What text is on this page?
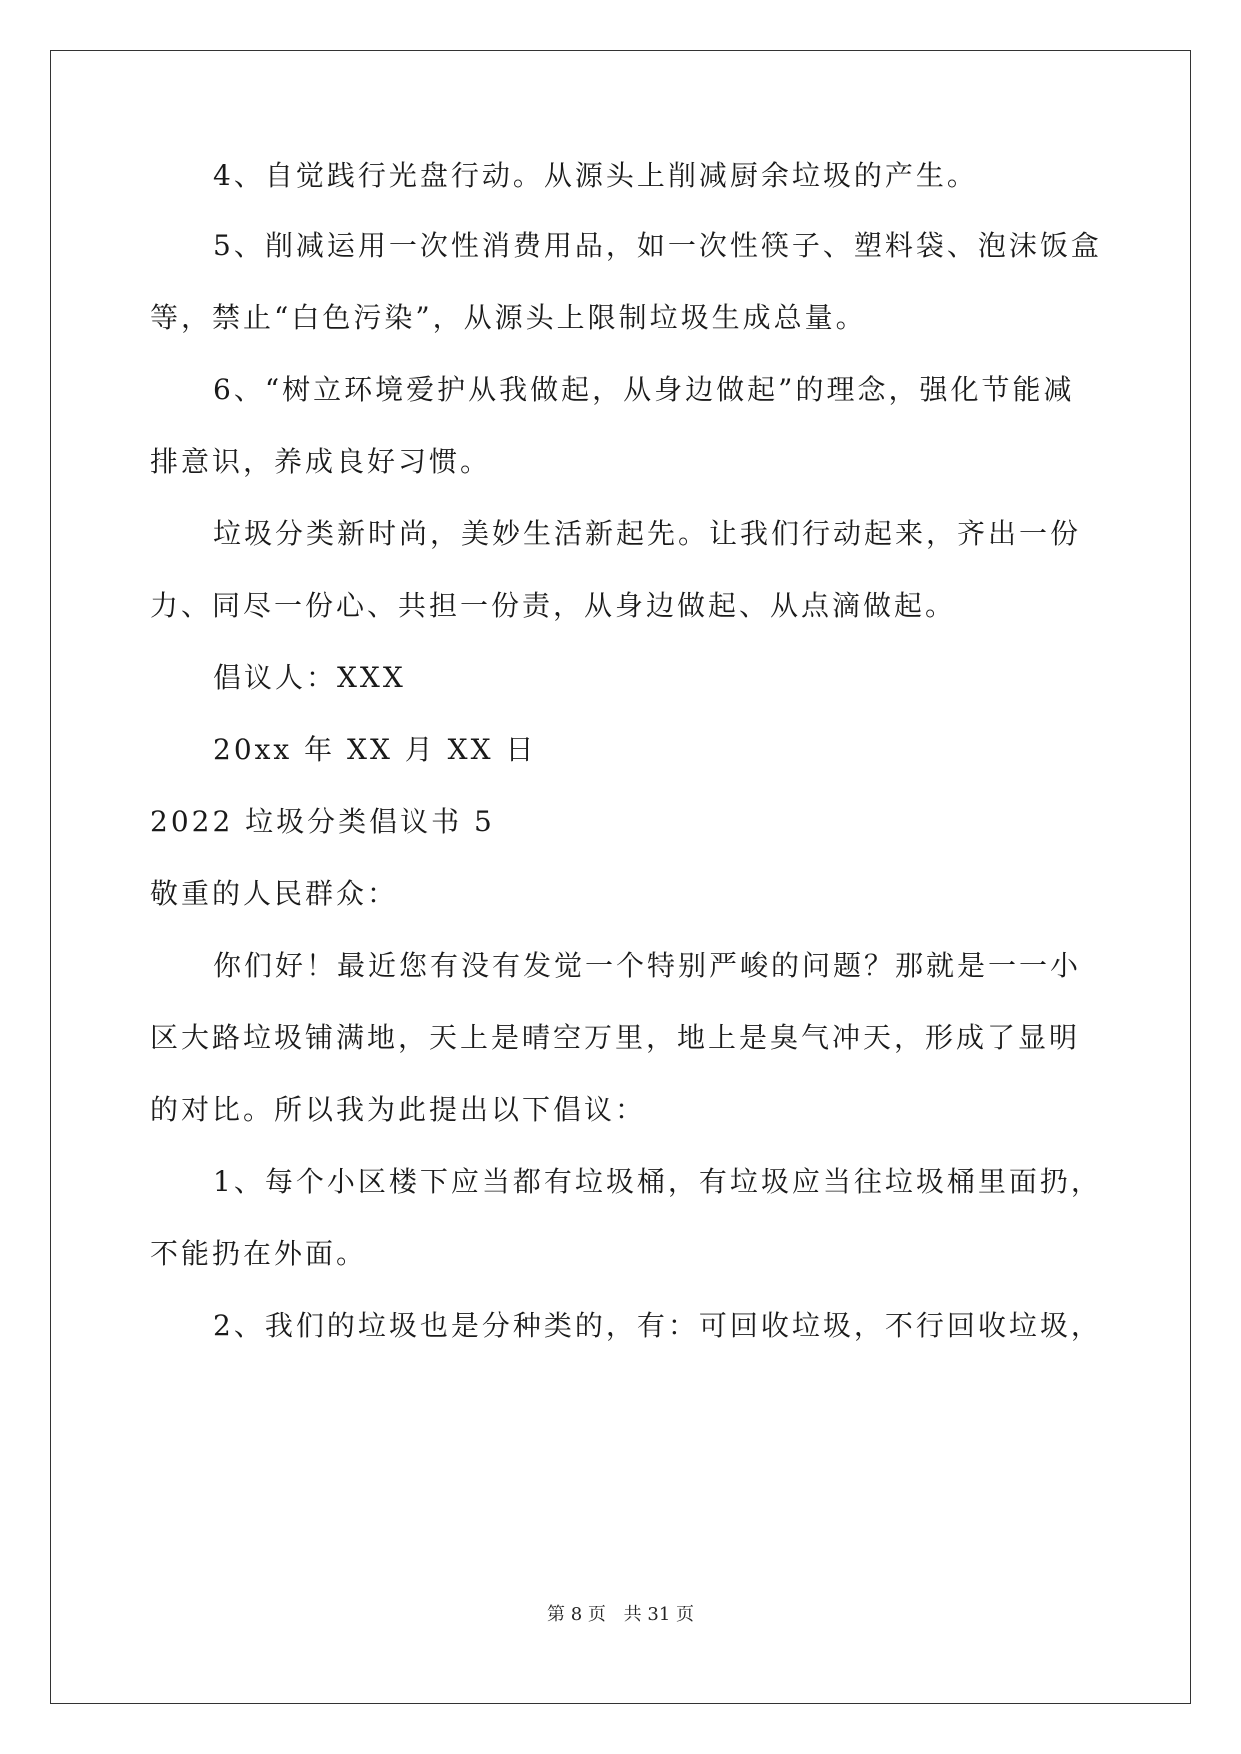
4、自觉践行光盘行动。从源头上削减厨余垃圾的产生。
5、削减运用一次性消费用品，如一次性筷子、塑料袋、泡沫饭盒
等，禁止“白色污染”，从源头上限制垃圾生成总量。
6、“树立环境爱护从我做起，从身边做起”的理念，强化节能减
排意识，养成良好习惯。
垃圾分类新时尚，美妙生活新起先。让我们行动起来，齐出一份
力、同尽一份心、共担一份责，从身边做起、从点滴做起。
倡议人：XXX
20xx 年 XX 月 XX 日
2022 垃圾分类倡议书 5
敬重的人民群众：
你们好！最近您有没有发觉一个特别严峻的问题？那就是一一小
区大路垃圾铺满地，天上是晴空万里，地上是臭气冲天，形成了显明
的对比。所以我为此提出以下倡议：
1、每个小区楼下应当都有垃圾桶，有垃圾应当往垃圾桶里面扔，
不能扔在外面。
2、我们的垃圾也是分种类的，有：可回收垃圾，不行回收垃圾，
第 8 页 共 31 页
